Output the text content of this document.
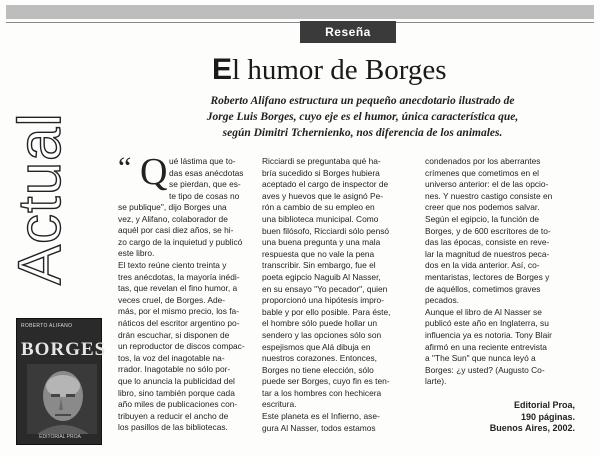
Reseña
Actual
El humor de Borges
Roberto Alifano estructura un pequeño anecdotario ilustrado de
Jorge Luis Borges, cuyo eje es el humor, única característica que,
según Dimitri Tchernienko, nos diferencia de los animales.
“ Q ué lástima que to-
das esas anécdotas
se pierdan, que es-
te tipo de cosas no
se publique", dijo Borges una
vez, y Alifano, colaborador de
aquél por casi diez años, se hi-
zo cargo de la inquietud y publicó
este libro.
El texto reúne ciento treinta y
tres anécdotas, la mayoría inédi-
tas, que revelan el fino humor, a
veces cruel, de Borges. Ade-
más, por el mismo precio, los fa-
náticos del escritor argentino po-
drán escuchar, si disponen de
un reproductor de discos compac-
tos, la voz del inagotable na-
rrador. Inagotable no sólo por-
que lo anuncia la publicidad del
libro, sino también porque cada
año miles de publicaciones con-
tribuyen a reducir el ancho de
los pasillos de las bibliotecas.
Ricciardi se preguntaba qué ha-
bría sucedido si Borges hubiera
aceptado el cargo de inspector de
aves y huevos que le asignó Pe-
rón a cambio de su empleo en
una biblioteca municipal. Como
buen filósofo, Ricciardi sólo pensó
una buena pregunta y una mala
respuesta que no vale la pena
transcribir. Sin embargo, fue el
poeta egipcio Naguib Al Nasser,
en su ensayo "Yo pecador", quien
proporcionó una hipótesis impro-
bable y por ello posible. Para éste,
el hombre sólo puede hollar un
sendero y las opciones sólo son
espejismos que Alá dibuja en
nuestros corazones. Entonces,
Borges no tiene elección, sólo
puede ser Borges, cuyo fin es ten-
tar a los hombres con hechicera
escritura.
Este planeta es el Infierno, ase-
gura Al Nasser, todos estamos
condenados por los aberrantes
crímenes que cometimos en el
universo anterior: el de las opcio-
nes. Y nuestro castigo consiste en
creer que nos podemos salvar.
Según el egipcio, la función de
Borges, y de 600 escritores de to-
das las épocas, consiste en reve-
lar la magnitud de nuestros peca-
dos en la vida anterior. Así, co-
mentaristas, lectores de Borges y
de aquéllos, cometimos graves
pecados.
Aunque el libro de Al Nasser se
publicó este año en Inglaterra, su
influencia ya es notoria. Tony Blair
afirmó en una reciente entrevista
a "The Sun" que nunca leyó a
Borges: ¿y usted? (Augusto Co-
larte).
Editorial Proa,
190 páginas.
Buenos Aires, 2002.
ROBERTO ALIFANO
BORGES
EDITORIAL PROA
